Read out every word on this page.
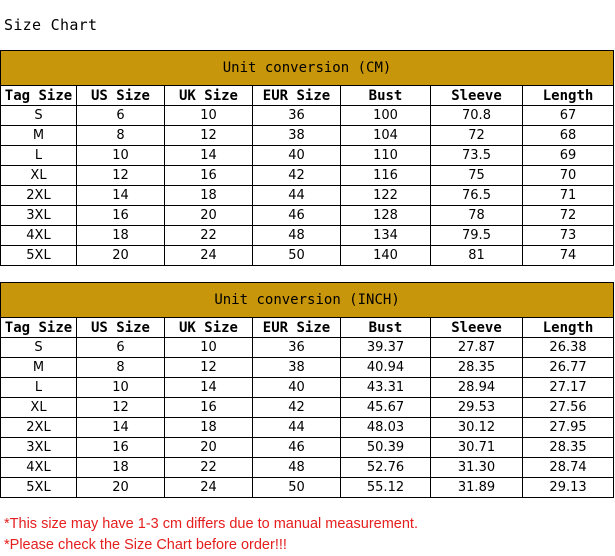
Size Chart
Unit conversion (CM)						
Tag Size	US Size	UK Size	EUR Size	Bust	Sleeve	Length
S	6	10	36	100	70.8	67
M	8	12	38	104	72	68
L	10	14	40	110	73.5	69
XL	12	16	42	116	75	70
2XL	14	18	44	122	76.5	71
3XL	16	20	46	128	78	72
4XL	18	22	48	134	79.5	73
5XL	20	24	50	140	81	74
Unit conversion (INCH)						
Tag Size	US Size	UK Size	EUR Size	Bust	Sleeve	Length
S	6	10	36	39.37	27.87	26.38
M	8	12	38	40.94	28.35	26.77
L	10	14	40	43.31	28.94	27.17
XL	12	16	42	45.67	29.53	27.56
2XL	14	18	44	48.03	30.12	27.95
3XL	16	20	46	50.39	30.71	28.35
4XL	18	22	48	52.76	31.30	28.74
5XL	20	24	50	55.12	31.89	29.13
*This size may have 1-3 cm differs due to manual measurement.
*Please check the Size Chart before order!!!
